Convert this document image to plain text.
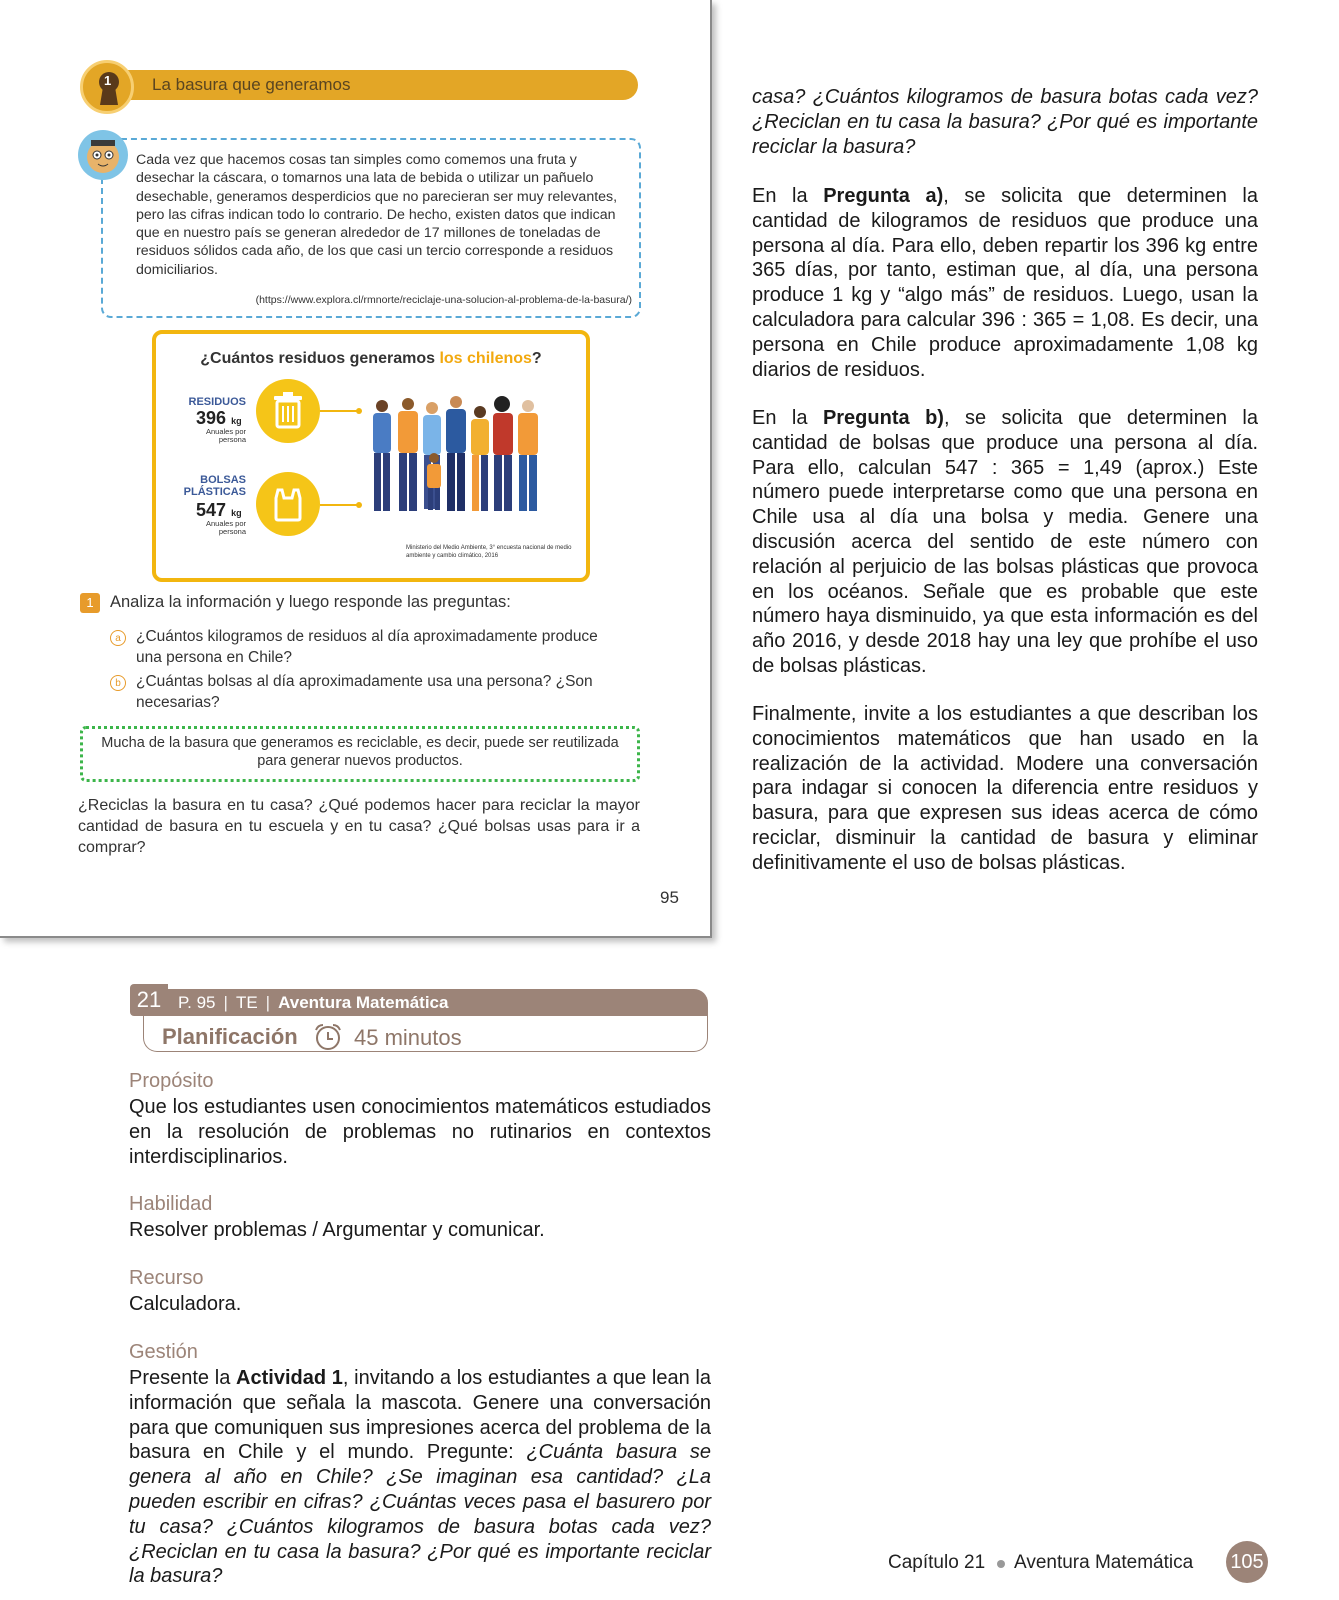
1 La basura que generamos
Cada vez que hacemos cosas tan simples como comemos una fruta y desechar la cáscara, o tomarnos una lata de bebida o utilizar un pañuelo desechable, generamos desperdicios que no parecieran ser muy relevantes, pero las cifras indican todo lo contrario. De hecho, existen datos que indican que en nuestro país se generan alrededor de 17 millones de toneladas de residuos sólidos cada año, de los que casi un tercio corresponde a residuos domiciliarios.
(https://www.explora.cl/rmnorte/reciclaje-una-solucion-al-problema-de-la-basura/)
¿Cuántos residuos generamos los chilenos?
RESIDUOS
396 kg
Anuales por persona
BOLSAS PLÁSTICAS
547 kg
Anuales por persona
Ministerio del Medio Ambiente, 3° encuesta nacional de medio ambiente y cambio climático, 2016
1 Analiza la información y luego responde las preguntas:
a ¿Cuántos kilogramos de residuos al día aproximadamente produce una persona en Chile?
b ¿Cuántas bolsas al día aproximadamente usa una persona? ¿Son necesarias?
Mucha de la basura que generamos es reciclable, es decir, puede ser reutilizada para generar nuevos productos.
¿Reciclas la basura en tu casa? ¿Qué podemos hacer para reciclar la mayor cantidad de basura en tu escuela y en tu casa? ¿Qué bolsas usas para ir a comprar?
95
21 P. 95 | TE | Aventura Matemática
Planificación	45 minutos
Propósito
Que los estudiantes usen conocimientos matemáticos estudiados en la resolución de problemas no rutinarios en contextos interdisciplinarios.
Habilidad
Resolver problemas / Argumentar y comunicar.
Recurso
Calculadora.
Gestión
Presente la Actividad 1, invitando a los estudiantes a que lean la información que señala la mascota. Genere una conversación para que comuniquen sus impresiones acerca del problema de la basura en Chile y el mundo. Pregunte: ¿Cuánta basura se genera al año en Chile? ¿Se imaginan esa cantidad? ¿La pueden escribir en cifras? ¿Cuántas veces pasa el basurero por tu casa? ¿Cuántos kilogramos de basura botas cada vez? ¿Reciclan en tu casa la basura? ¿Por qué es importante reciclar la basura?
casa? ¿Cuántos kilogramos de basura botas cada vez? ¿Reciclan en tu casa la basura? ¿Por qué es importante reciclar la basura?
En la Pregunta a), se solicita que determinen la cantidad de kilogramos de residuos que produce una persona al día. Para ello, deben repartir los 396 kg entre 365 días, por tanto, estiman que, al día, una persona produce 1 kg y “algo más” de residuos. Luego, usan la calculadora para calcular 396 : 365 = 1,08. Es decir, una persona en Chile produce aproximadamente 1,08 kg diarios de residuos.
En la Pregunta b), se solicita que determinen la cantidad de bolsas que produce una persona al día. Para ello, calculan 547 : 365 = 1,49 (aprox.) Este número puede interpretarse como que una persona en Chile usa al día una bolsa y media. Genere una discusión acerca del sentido de este número con relación al perjuicio de las bolsas plásticas que provoca en los océanos. Señale que es probable que este número haya disminuido, ya que esta información es del año 2016, y desde 2018 hay una ley que prohíbe el uso de bolsas plásticas.
Finalmente, invite a los estudiantes a que describan los conocimientos matemáticos que han usado en la realización de la actividad. Modere una conversación para indagar si conocen la diferencia entre residuos y basura, para que expresen sus ideas acerca de cómo reciclar, disminuir la cantidad de basura y eliminar definitivamente el uso de bolsas plásticas.
Capítulo 21 Aventura Matemática 105
